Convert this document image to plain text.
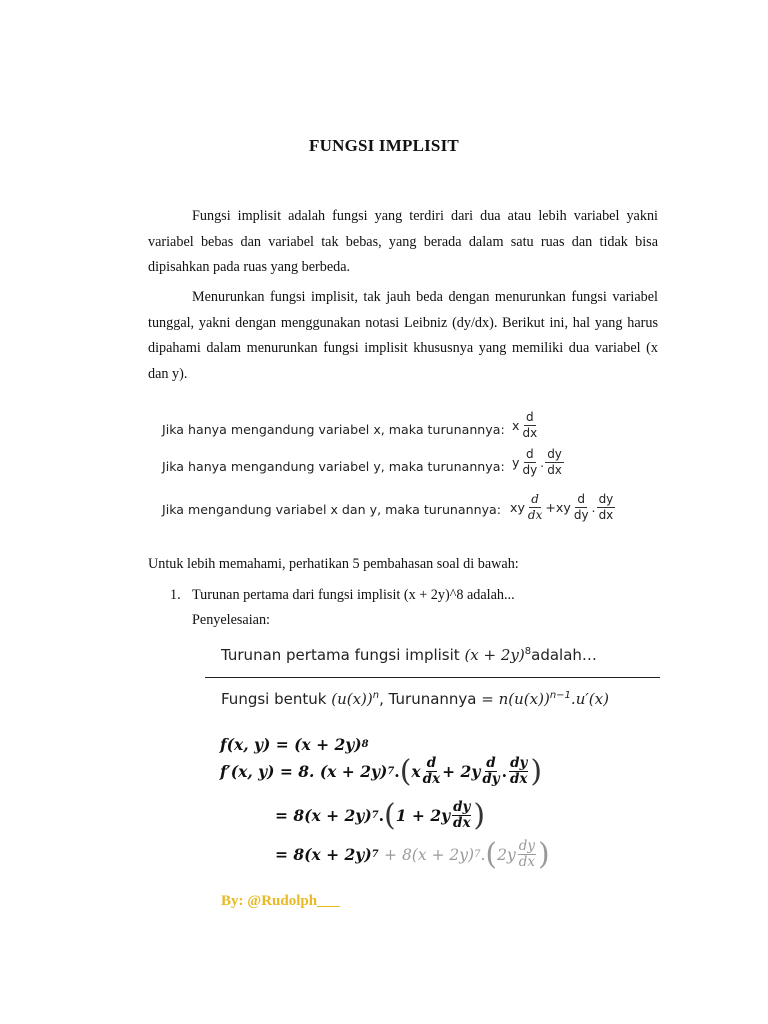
FUNGSI IMPLISIT
Fungsi implisit adalah fungsi yang terdiri dari dua atau lebih variabel yakni variabel bebas dan variabel tak bebas, yang berada dalam satu ruas dan tidak bisa dipisahkan pada ruas yang berbeda.
Menurunkan fungsi implisit, tak jauh beda dengan menurunkan fungsi variabel tunggal, yakni dengan menggunakan notasi Leibniz (dy/dx). Berikut ini, hal yang harus dipahami dalam menurunkan fungsi implisit khususnya yang memiliki dua variabel (x dan y).
Jika hanya mengandung variabel x, maka turunannya: x $\frac{d}{dx}$
Jika hanya mengandung variabel y, maka turunannya: y $\frac{d}{dy}$ . $\frac{dy}{dx}$
Jika mengandung variabel x dan y, maka turunannya: xy $\frac{d}{dx} +xy \frac{d}{dy}$ . $\frac{dy}{dx}$
Untuk lebih memahami, perhatikan 5 pembahasan soal di bawah:
1. Turunan pertama dari fungsi implisit (x + 2y)^8 adalah...
Penyelesaian:
Turunan pertama fungsi implisit $(x + 2y)^8adalah\dots$
Fungsi bentuk $(u(x))^n$, Turunannya = $n(u(x))^{n-1}.u'(x)$
f(x, y)
= (x + 2y) 8
f′(x, y)
= 8. (x + 2y) 7 . ( x $\frac{d}{dx} + 2y \frac{d}{dy}$ . $\frac{dy}{dx}$ )
= 8(x + 2y) 7 . ( $1 + 2y \frac{dy}{dx}$ )
= 8(x + 2y) 7
+ 8(x + 2y) 7 . ( $2y \frac{dy}{dx}$ )
By: @Rudolph___
